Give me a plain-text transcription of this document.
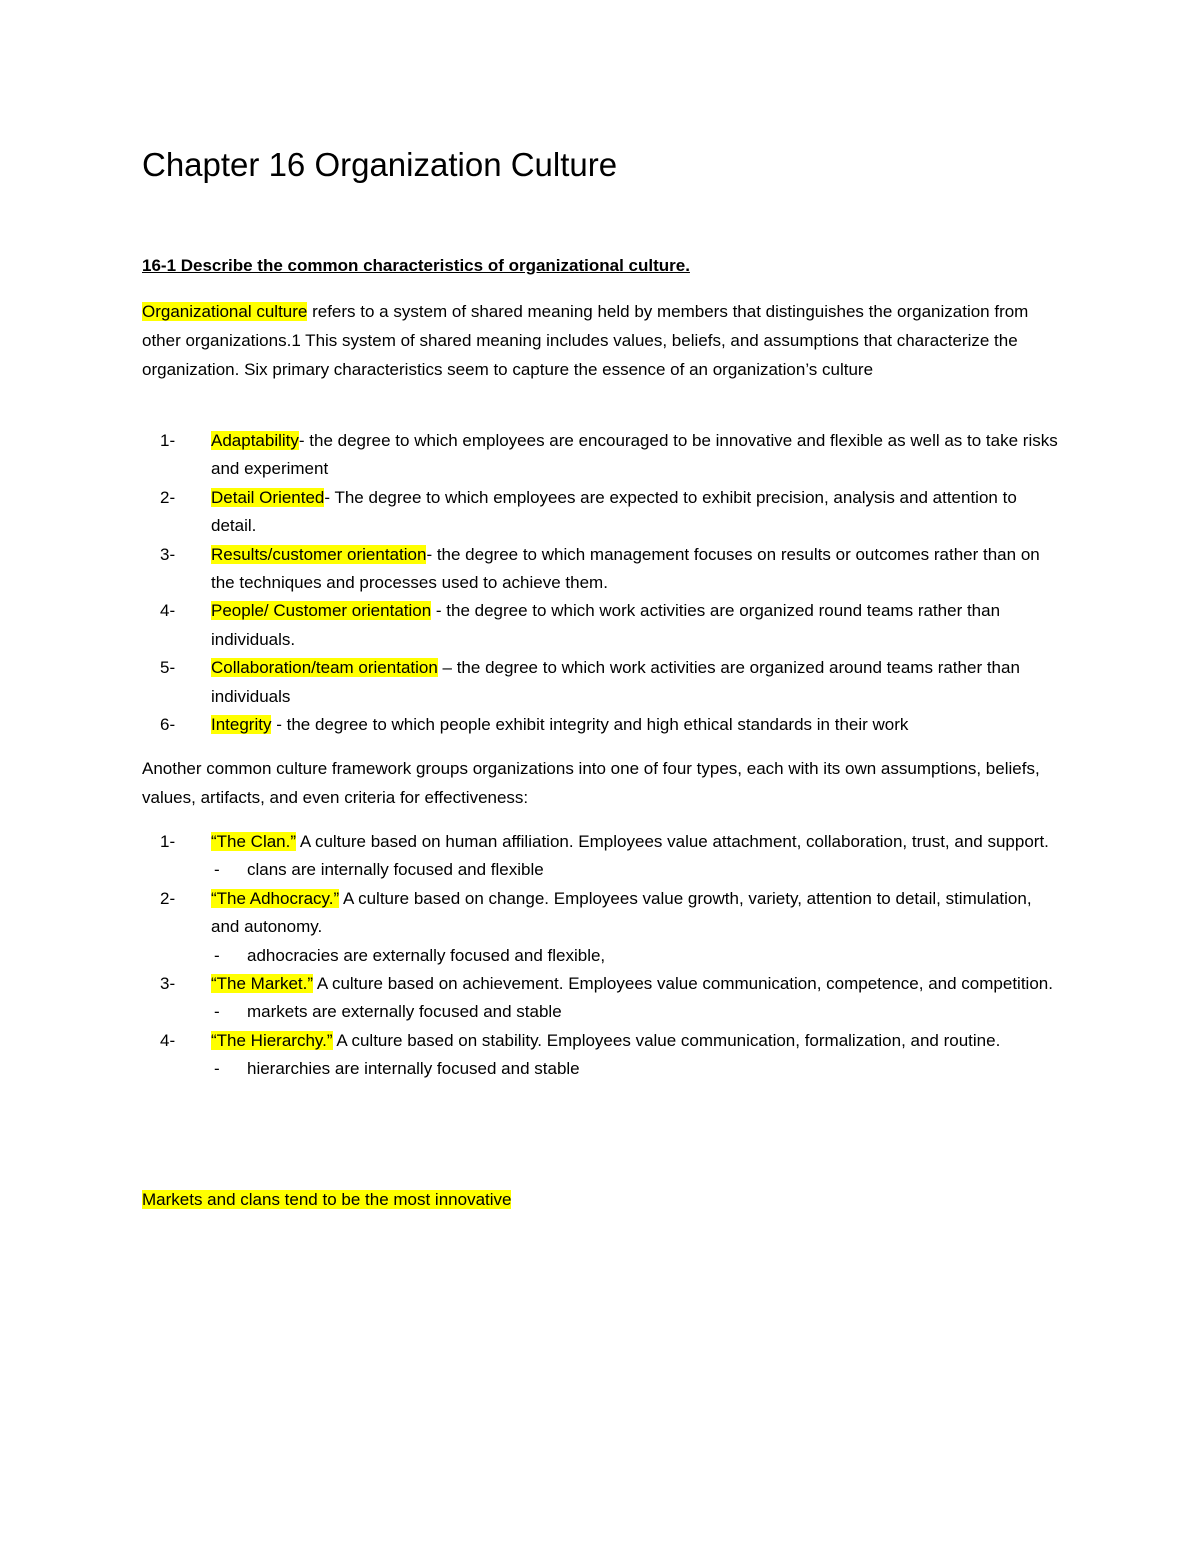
Chapter 16 Organization Culture
16-1 Describe the common characteristics of organizational culture.

Organizational culture refers to a system of shared meaning held by members that distinguishes the organization from other organizations.1 This system of shared meaning includes values, beliefs, and assumptions that characterize the organization. Six primary characteristics seem to capture the essence of an organization’s culture

1- Adaptability- the degree to which employees are encouraged to be innovative and flexible as well as to take risks and experiment
2- Detail Oriented- The degree to which employees are expected to exhibit precision, analysis and attention to detail.
3- Results/customer orientation- the degree to which management focuses on results or outcomes rather than on the techniques and processes used to achieve them.
4- People/ Customer orientation - the degree to which work activities are organized round teams rather than individuals.
5- Collaboration/team orientation – the degree to which work activities are organized around teams rather than individuals
6- Integrity - the degree to which people exhibit integrity and high ethical standards in their work

Another common culture framework groups organizations into one of four types, each with its own assumptions, beliefs, values, artifacts, and even criteria for effectiveness:

1- “The Clan.” A culture based on human affiliation. Employees value attachment, collaboration, trust, and support.
- clans are internally focused and flexible
2- “The Adhocracy.” A culture based on change. Employees value growth, variety, attention to detail, stimulation, and autonomy.
- adhocracies are externally focused and flexible,
3- “The Market.” A culture based on achievement. Employees value communication, competence, and competition.
- markets are externally focused and stable
4- “The Hierarchy.” A culture based on stability. Employees value communication, formalization, and routine.
- hierarchies are internally focused and stable

Markets and clans tend to be the most innovative
